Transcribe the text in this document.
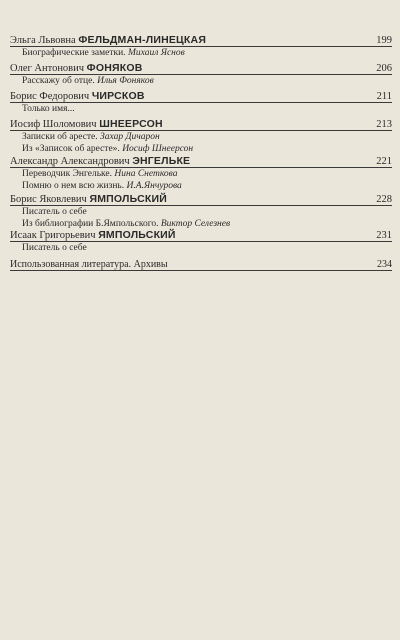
Эльга Львовна ФЕЛЬДМАН-ЛИНЕЦКАЯ	199
Биографические заметки. Михаил Яснов
Олег Антонович ФОНЯКОВ	206
Расскажу об отце. Илья Фоняков
Борис Федорович ЧИРСКОВ	211
Только имя...
Иосиф Шоломович ШНЕЕРСОН	213
Записки об аресте. Захар Дичарон
Из «Записок об аресте». Иосиф Шнеерсон
Александр Александрович ЭНГЕЛЬКЕ	221
Переводчик Энгельке. Нина Снеткова
Помню о нем всю жизнь. И.А.Янчурова
Борис Яковлевич ЯМПОЛЬСКИЙ	228
Писатель о себе
Из библиографии Б.Ямпольского. Виктор Селезнев
Исаак Григорьевич ЯМПОЛЬСКИЙ	231
Писатель о себе
Использованная литература. Архивы	234
